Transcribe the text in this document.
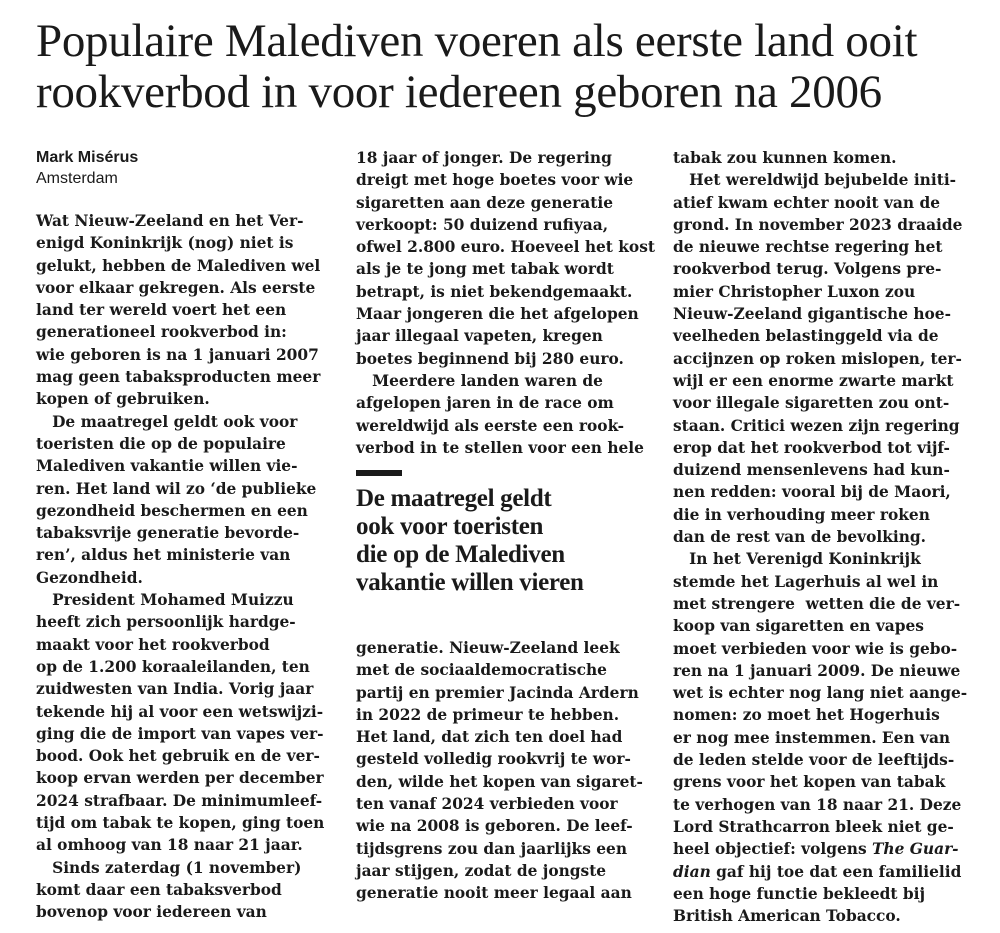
Populaire Malediven voeren als eerste land ooit
rookverbod in voor iedereen geboren na 2006
Mark Misérus
Amsterdam
Wat Nieuw-Zeeland en het Ver-
enigd Koninkrijk (nog) niet is
gelukt, hebben de Malediven wel
voor elkaar gekregen. Als eerste
land ter wereld voert het een
generationeel rookverbod in:
wie geboren is na 1 januari 2007
mag geen tabaksproducten meer
kopen of gebruiken.
De maatregel geldt ook voor
toeristen die op de populaire
Malediven vakantie willen vie-
ren. Het land wil zo ‘de publieke
gezondheid beschermen en een
tabaksvrije generatie bevorde-
ren’, aldus het ministerie van
Gezondheid.
President Mohamed Muizzu
heeft zich persoonlijk hardge-
maakt voor het rookverbod
op de 1.200 koraaleilanden, ten
zuidwesten van India. Vorig jaar
tekende hij al voor een wetswijzi-
ging die de import van vapes ver-
bood. Ook het gebruik en de ver-
koop ervan werden per december
2024 strafbaar. De minimumleef-
tijd om tabak te kopen, ging toen
al omhoog van 18 naar 21 jaar.
Sinds zaterdag (1 november)
komt daar een tabaksverbod
bovenop voor iedereen van
18 jaar of jonger. De regering
dreigt met hoge boetes voor wie
sigaretten aan deze generatie
verkoopt: 50 duizend rufiyaa,
ofwel 2.800 euro. Hoeveel het kost
als je te jong met tabak wordt
betrapt, is niet bekendgemaakt.
Maar jongeren die het afgelopen
jaar illegaal vapeten, kregen
boetes beginnend bij 280 euro.
Meerdere landen waren de
afgelopen jaren in de race om
wereldwijd als eerste een rook-
verbod in te stellen voor een hele
De maatregel geldt
ook voor toeristen
die op de Malediven
vakantie willen vieren
generatie. Nieuw-Zeeland leek
met de sociaaldemocratische
partij en premier Jacinda Ardern
in 2022 de primeur te hebben.
Het land, dat zich ten doel had
gesteld volledig rookvrij te wor-
den, wilde het kopen van sigaret-
ten vanaf 2024 verbieden voor
wie na 2008 is geboren. De leef-
tijdsgrens zou dan jaarlijks een
jaar stijgen, zodat de jongste
generatie nooit meer legaal aan
tabak zou kunnen komen.
Het wereldwijd bejubelde initi-
atief kwam echter nooit van de
grond. In november 2023 draaide
de nieuwe rechtse regering het
rookverbod terug. Volgens pre-
mier Christopher Luxon zou
Nieuw-Zeeland gigantische hoe-
veelheden belastinggeld via de
accijnzen op roken mislopen, ter-
wijl er een enorme zwarte markt
voor illegale sigaretten zou ont-
staan. Critici wezen zijn regering
erop dat het rookverbod tot vijf-
duizend mensenlevens had kun-
nen redden: vooral bij de Maori,
die in verhouding meer roken
dan de rest van de bevolking.
In het Verenigd Koninkrijk
stemde het Lagerhuis al wel in
met strengere  wetten die de ver-
koop van sigaretten en vapes
moet verbieden voor wie is gebo-
ren na 1 januari 2009. De nieuwe
wet is echter nog lang niet aange-
nomen: zo moet het Hogerhuis
er nog mee instemmen. Een van
de leden stelde voor de leeftijds-
grens voor het kopen van tabak
te verhogen van 18 naar 21. Deze
Lord Strathcarron bleek niet ge-
heel objectief: volgens The Guar-
dian gaf hij toe dat een familielid
een hoge functie bekleedt bij
British American Tobacco.
